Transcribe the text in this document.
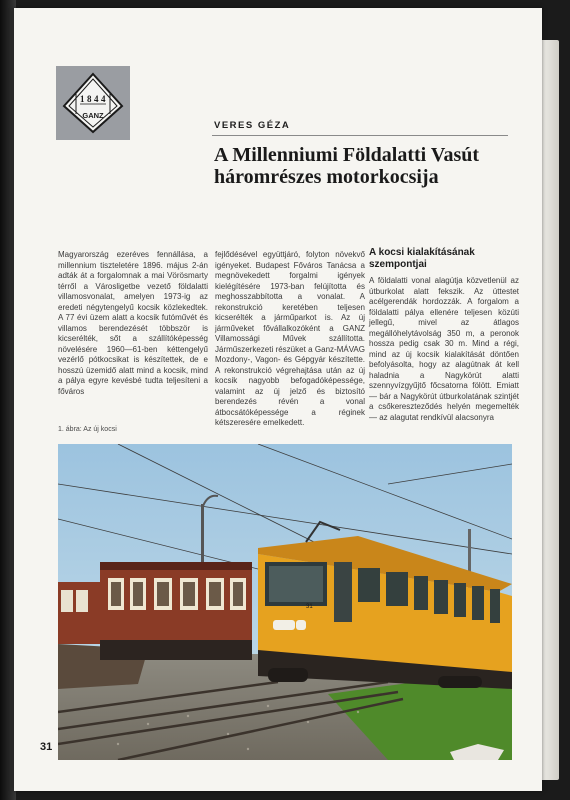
1 8 4 4
GANZ
VERES GÉZA
A Millenniumi Földalatti Vasút
háromrészes motorkocsija

Magyarország ezeréves fennállása, a millennium tiszteletére 1896. május 2-án adták át a forgalomnak a mai Vörösmarty térről a Városligetbe vezető földalatti villamosvonalat, amelyen 1973-ig az eredeti négytengelyű kocsik közlekedtek. A 77 évi üzem alatt a kocsik futóművét és villamos berendezését többször is kicserélték, sőt a szállítóképesség növelésére 1960—61-ben kéttengelyű vezérlő pótkocsikat is készítettek, de e hosszú üzemidő alatt mind a kocsik, mind a pálya egyre kevésbé tudta teljesíteni a főváros

fejlődésével együttjáró, folyton növekvő igényeket. Budapest Főváros Tanácsa a megnövekedett forgalmi igények kielégítésére 1973-ban felújította és meghosszabbította a vonalat. A rekonstrukció keretében teljesen kicserélték a járműparkot is. Az új járműveket fővállalkozóként a GANZ Villamossági Művek szállította. Járműszerkezeti részüket a Ganz-MÁVAG Mozdony-, Vagon- és Gépgyár készítette. A rekonstrukció végrehajtása után az új kocsik nagyobb befogadóképessége, valamint az új jelző és biztosító berendezés révén a vonal átbocsátóképessége a réginek kétszeresére emelkedett.

A kocsi kialakításának szempontjai

A földalatti vonal alagútja közvetlenül az útburkolat alatt fekszik. Az úttestet acélgerendák hordozzák. A forgalom a földalatti pálya ellenére teljesen közúti jellegű, mivel az átlagos megállóhelytávolság 350 m, a peronok hossza pedig csak 30 m. Mind a régi, mind az új kocsik kialakítását döntően befolyásolta, hogy az alagútnak át kell haladnia a Nagykörút alatti szennyvízgyűjtő főcsatorna fölött. Emiatt — bár a Nagykörút útburkolatának szintjét a csőkereszteződés helyén megemelték — az alagutat rendkívül alacsonyra

1. ábra: Az új kocsi
31
31
